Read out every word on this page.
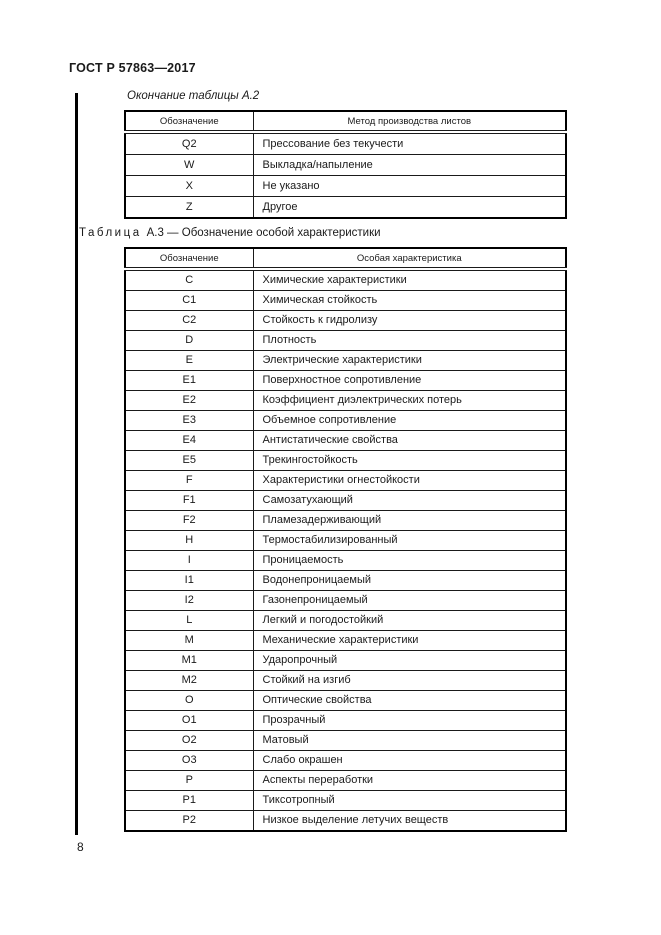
ГОСТ Р 57863—2017
Окончание таблицы А.2
Обозначение	Метод производства листов
Q2	Прессование без текучести
W	Выкладка/напыление
X	Не указано
Z	Другое
Таблица А.3 — Обозначение особой характеристики
Обозначение	Особая характеристика
C	Химические характеристики
C1	Химическая стойкость
C2	Стойкость к гидролизу
D	Плотность
E	Электрические характеристики
E1	Поверхностное сопротивление
E2	Коэффициент диэлектрических потерь
E3	Объемное сопротивление
E4	Антистатические свойства
E5	Трекингостойкость
F	Характеристики огнестойкости
F1	Самозатухающий
F2	Пламезадерживающий
H	Термостабилизированный
I	Проницаемость
I1	Водонепроницаемый
I2	Газонепроницаемый
L	Легкий и погодостойкий
M	Механические характеристики
M1	Ударопрочный
M2	Стойкий на изгиб
O	Оптические свойства
O1	Прозрачный
O2	Матовый
O3	Слабо окрашен
P	Аспекты переработки
P1	Тиксотропный
P2	Низкое выделение летучих веществ
8
